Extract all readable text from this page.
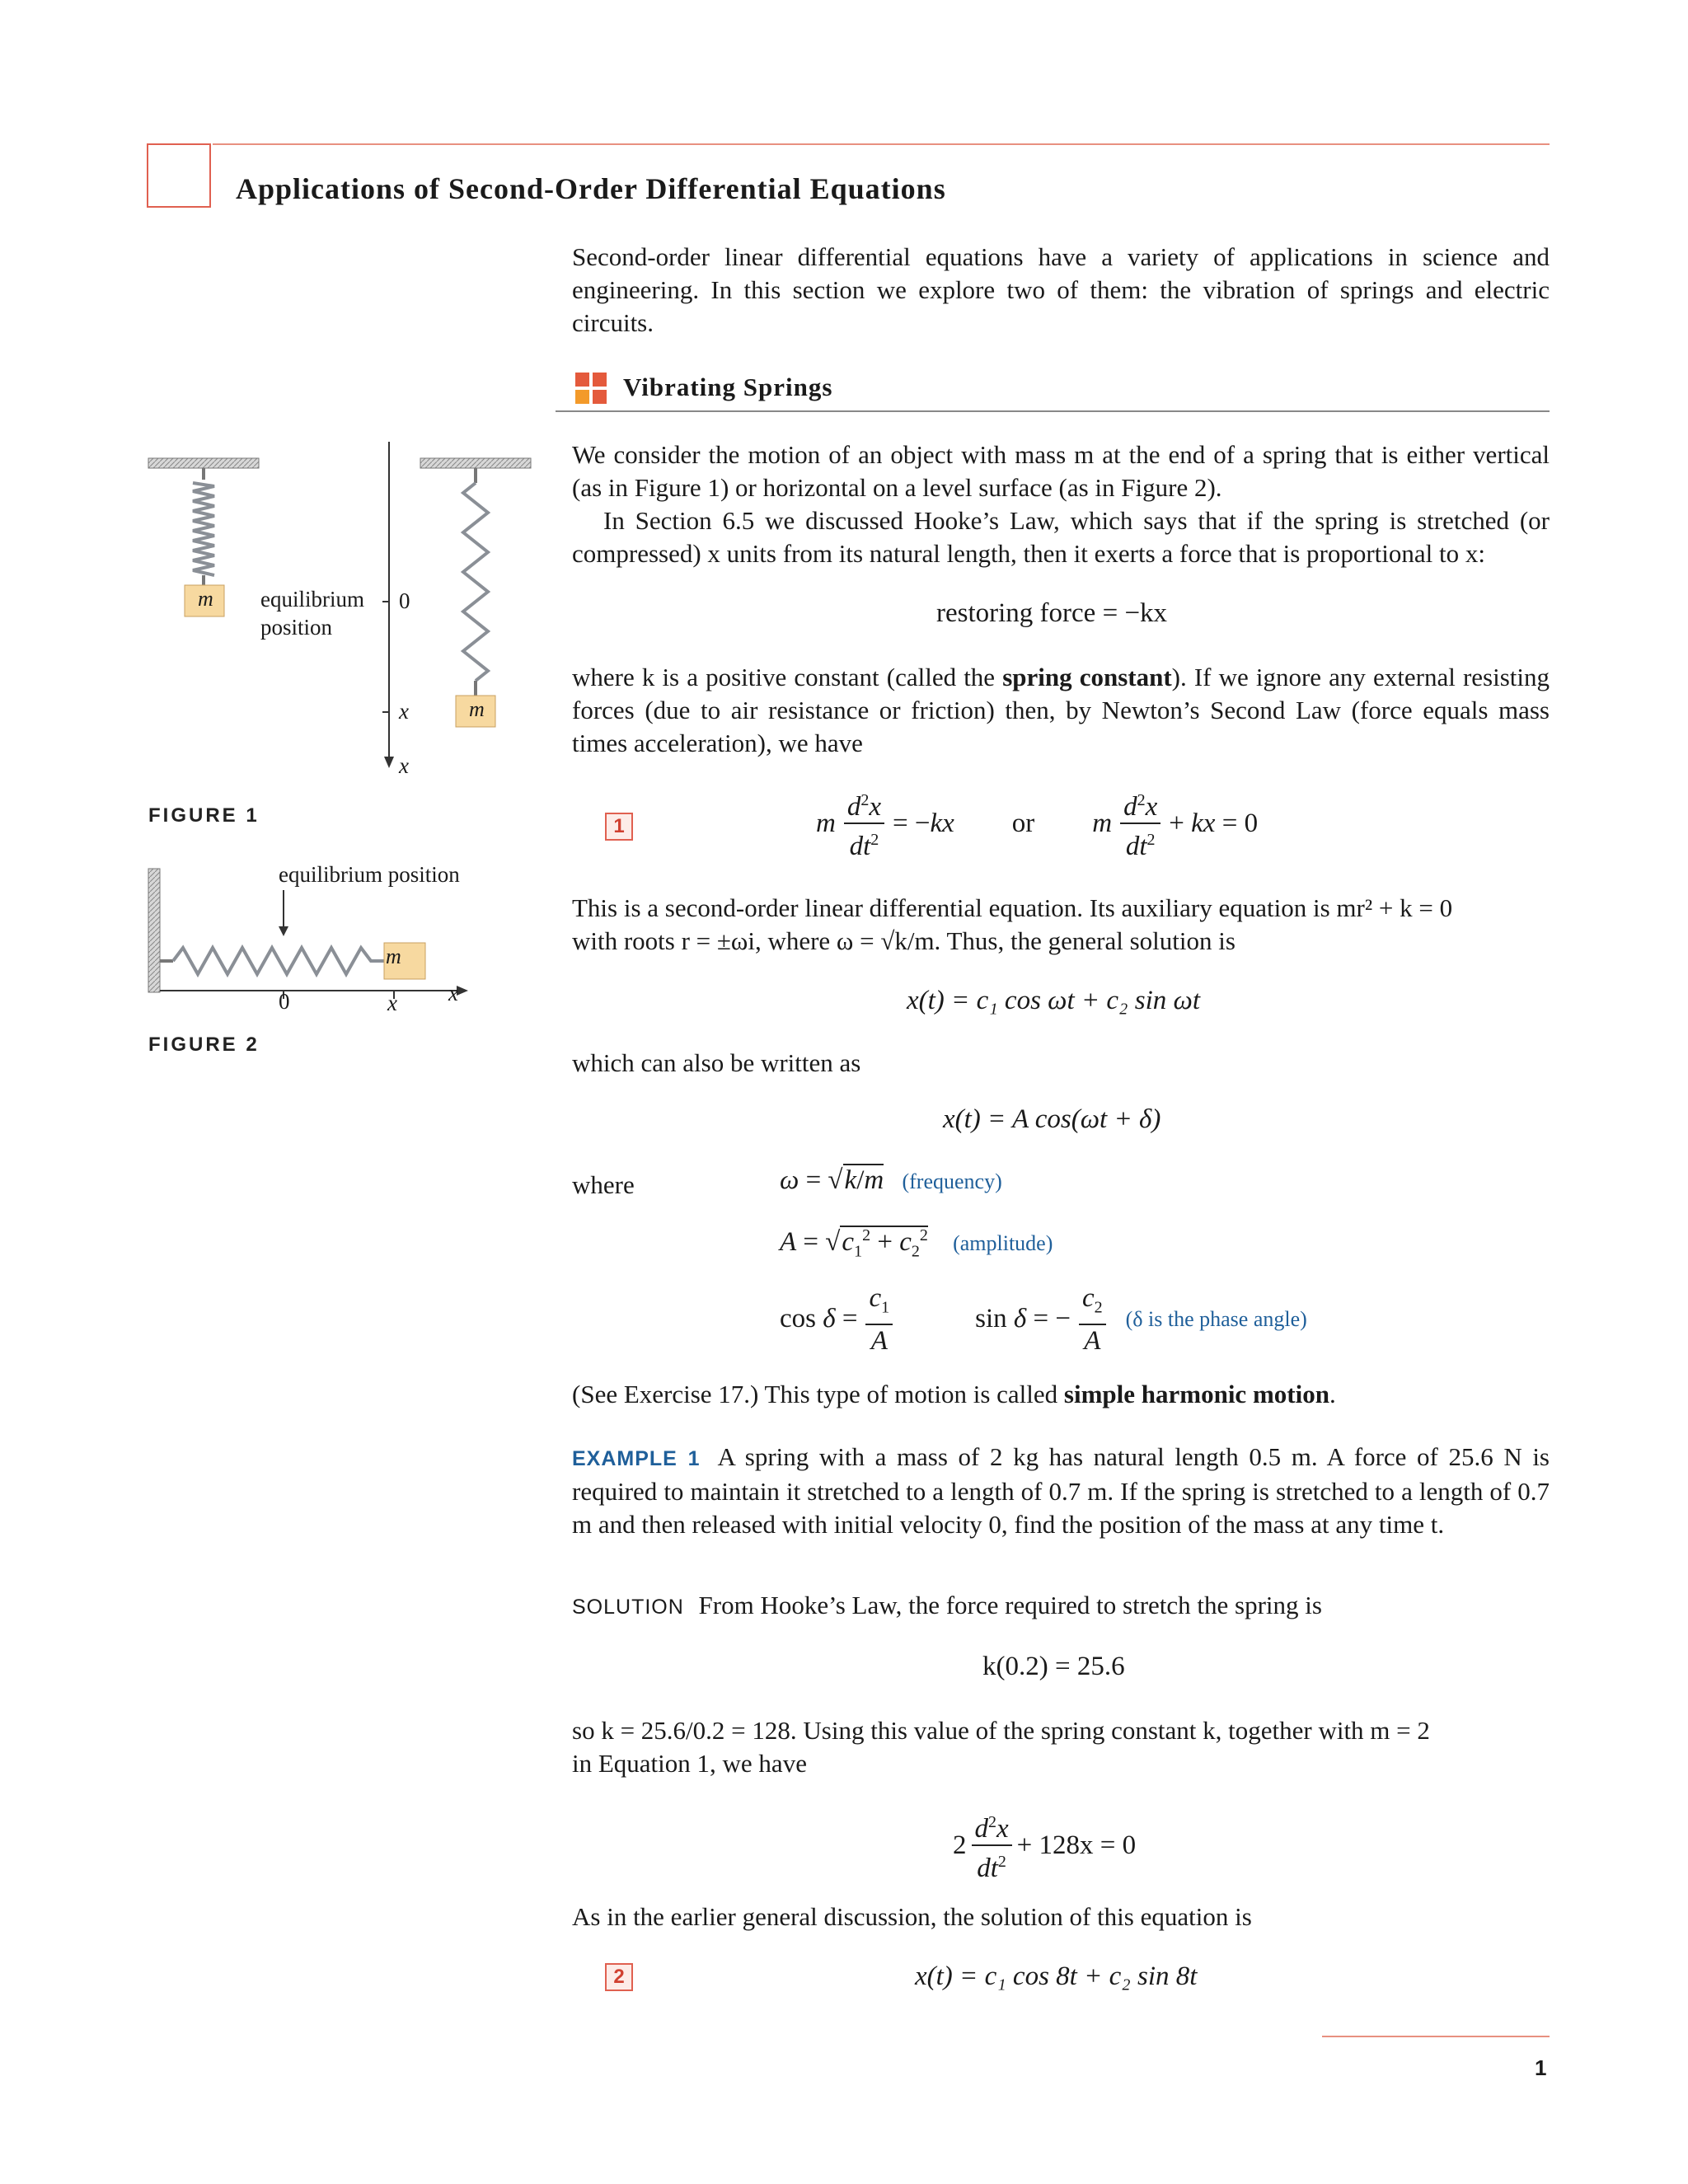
Applications of Second-Order Differential Equations
Second-order linear differential equations have a variety of applications in science and engineering. In this section we explore two of them: the vibration of springs and electric circuits.
Vibrating Springs
We consider the motion of an object with mass m at the end of a spring that is either vertical (as in Figure 1) or horizontal on a level surface (as in Figure 2).
In Section 6.5 we discussed Hooke’s Law, which says that if the spring is stretched (or compressed) x units from its natural length, then it exerts a force that is proportional to x:
restoring force = −kx
where k is a positive constant (called the spring constant). If we ignore any external resisting forces (due to air resistance or friction) then, by Newton’s Second Law (force equals mass times acceleration), we have
1	m $\frac{d^2x}{dt^2} = -kx$ or m $\frac{d^2x}{dt^2}$ + kx = 0
This is a second-order linear differential equation. Its auxiliary equation is mr² + k = 0
with roots r = ±ωi, where ω = √k/m. Thus, the general solution is
x(t) = c₁ cos ωt + c₂ sin ωt
which can also be written as
x(t) = A cos(ωt + δ)
where	ω = √k/m (frequency)
$A = √c_1^2 + c_2^2$ (amplitude)
$\cos \delta = \frac{c_1}{A}$	sin δ = − $\frac{c_2}{A} (\delta$ is the phase angle)
(See Exercise 17.) This type of motion is called simple harmonic motion.
EXAMPLE 1 A spring with a mass of 2 kg has natural length 0.5 m. A force of 25.6 N is required to maintain it stretched to a length of 0.7 m. If the spring is stretched to a length of 0.7 m and then released with initial velocity 0, find the position of the mass at any time t.
SOLUTION From Hooke’s Law, the force required to stretch the spring is
k(0.2) = 25.6
so k = 25.6/0.2 = 128. Using this value of the spring constant k, together with m = 2
in Equation 1, we have
$2 \frac{d^2x}{dt^2} + 128x = 0$
As in the earlier general discussion, the solution of this equation is
2	x(t) = c₁ cos 8t + c₂ sin 8t
1
m
m
equilibrium
position
0
x
x
FIGURE 1
equilibrium position
m
0	x x
FIGURE 2
